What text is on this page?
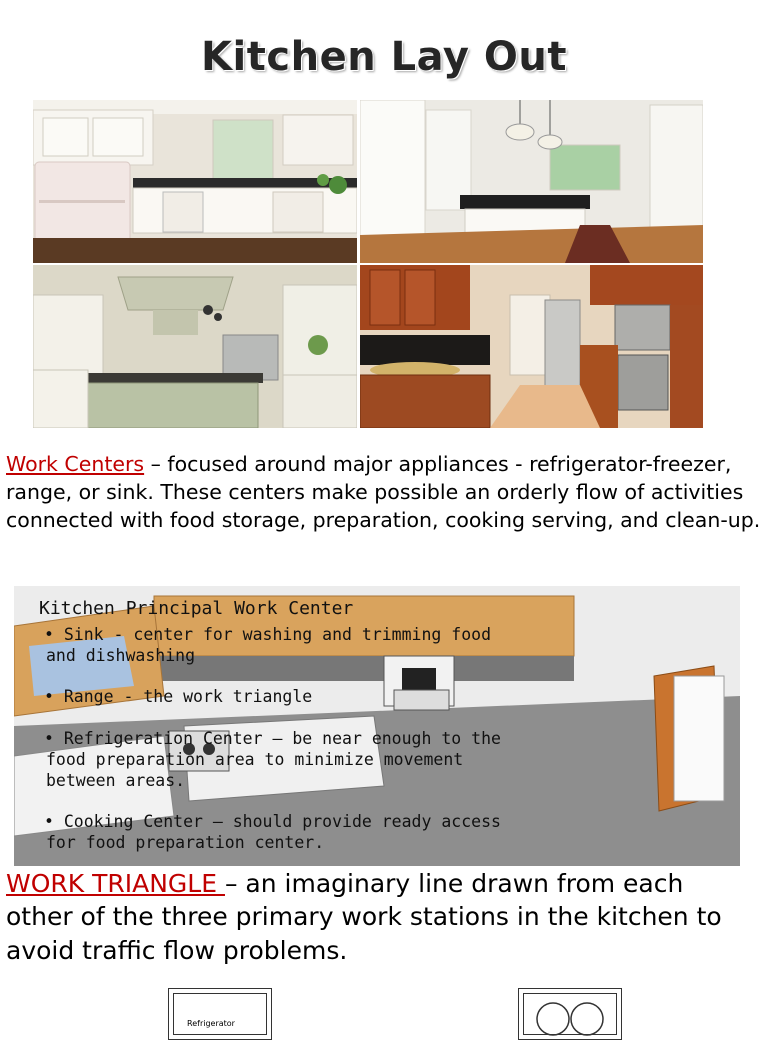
Kitchen Lay Out
Work Centers – focused around major appliances - refrigerator-freezer, range, or sink. These centers make possible an orderly flow of activities connected with food storage, preparation, cooking serving, and clean-up.
Kitchen Principal Work Center
• Sink - center for washing and trimming food
and dishwashing
• Range - the work triangle
• Refrigeration Center – be near enough to the
food preparation area to minimize movement
between areas.
• Cooking Center – should provide ready access
for food preparation center.
WORK TRIANGLE – an imaginary line drawn from each other of the three primary work stations in the kitchen to avoid traffic flow problems.
Refrigerator
